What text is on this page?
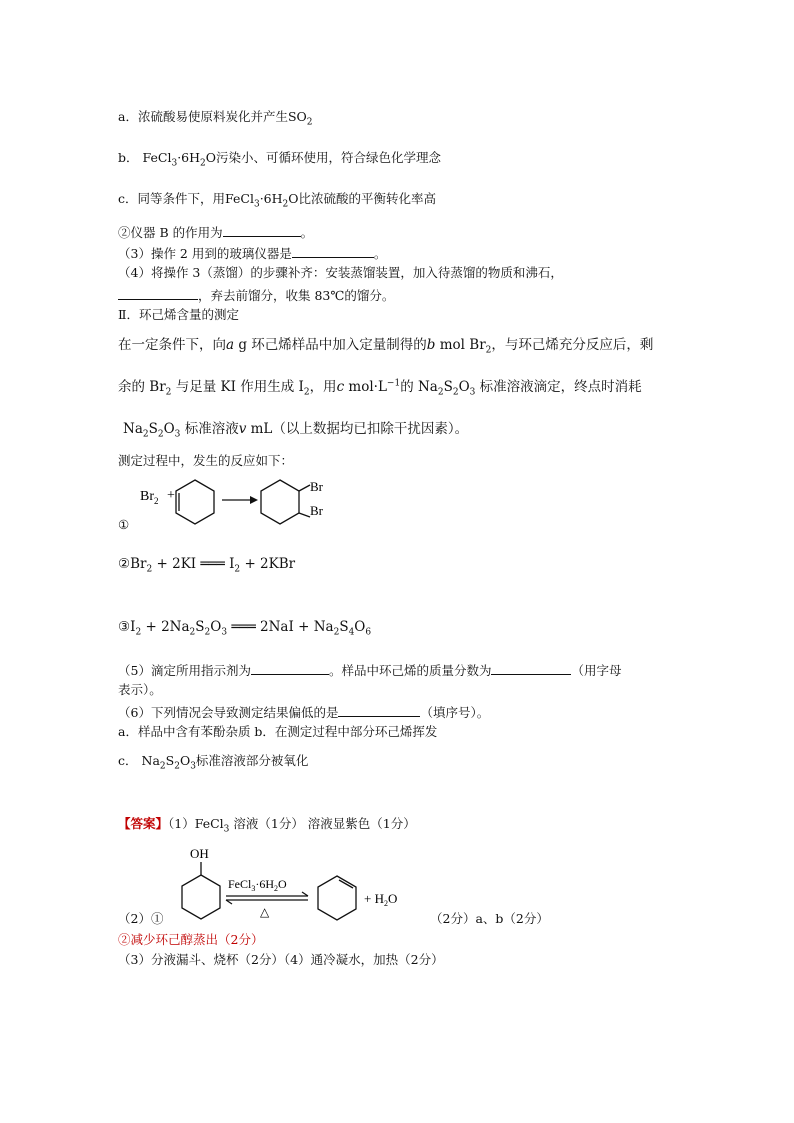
a．浓硫酸易使原料炭化并产生$SO_2$
b． $FeCl_3\cdot 6H_2O$污染小、可循环使用，符合绿色化学理念
c．同等条件下，用$FeCl_3\cdot 6H_2O$比浓硫酸的平衡转化率高
②仪器 B 的作用为	。
（3）操作 2 用到的玻璃仪器是	。
（4）将操作 3（蒸馏）的步骤补齐：安装蒸馏装置，加入待蒸馏的物质和沸石，
，弃去前馏分，收集 83℃的馏分。
Ⅱ．环己烯含量的测定
在一定条件下，向a g 环己烯样品中加入定量制得的b mol $Br_2$，与环己烯充分反应后，剩
余的 $Br_2$ 与足量 KI 作用生成 $I_2$，用c $mol\cdot L^{-1}$的 $Na_2S_2O_3$ 标准溶液滴定，终点时消耗
$Na_2S_2O_3$ 标准溶液v mL（以上数据均已扣除干扰因素）。
测定过程中，发生的反应如下：
$Br_2$ +
Br
Br
①
$②Br_2 + 2KI$ ═══ $I_2 + 2KBr$
$③I_2 + 2Na_2S_2O_3$ ═══ $2NaI + Na_2S_4O_6$
（5）滴定所用指示剂为	。样品中环己烯的质量分数为	（用字母
表示）。
（6）下列情况会导致测定结果偏低的是	（填序号）。
a．样品中含有苯酚杂质 b．在测定过程中部分环己烯挥发
c． $Na_2S_2O_3$标准溶液部分被氧化
【答案】（1）FeCl$_3$ 溶液（1分） 溶液显紫色（1分）
OH
$FeCl_3\cdot 6H_2O$
△
+ $H_2O$
（2）①	（2分）a、b（2分）
②减少环己醇蒸出（2分）
（3）分液漏斗、烧杯（2分）（4）通冷凝水，加热（2分）
